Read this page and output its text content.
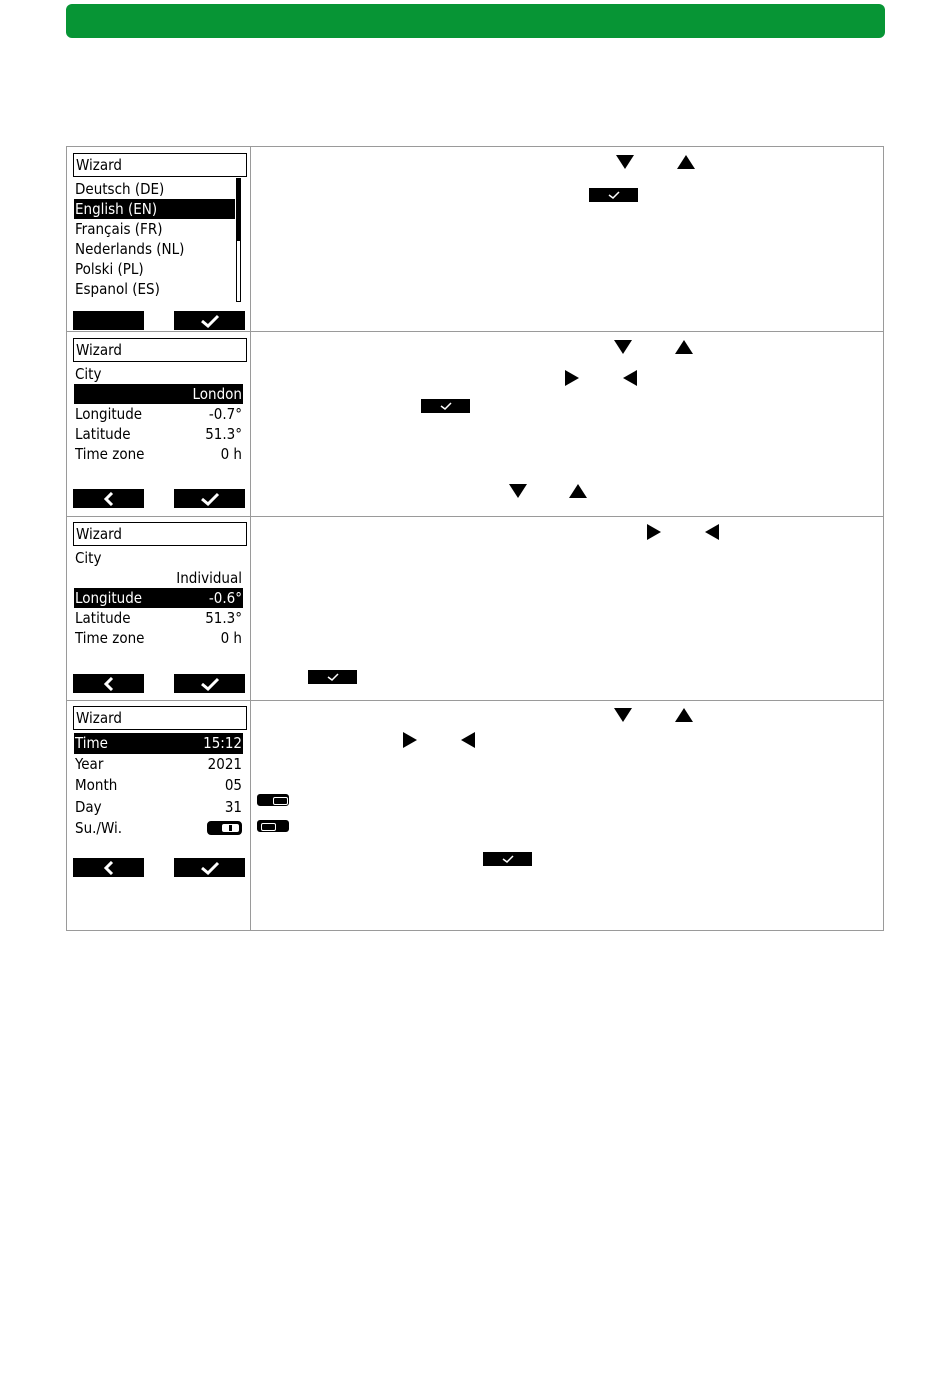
Wizard
Deutsch (DE)
English (EN)
Français (FR)
Nederlands (NL)
Polski (PL)
Espanol (ES)
Wizard
City
London
Longitude	-0.7°
Latitude	51.3°
Time zone	0 h
Wizard
City
Individual
Longitude	-0.6°
Latitude	51.3°
Time zone	0 h
Wizard
Time	15:12
Year	2021
Month	05
Day	31
Su./Wi.
